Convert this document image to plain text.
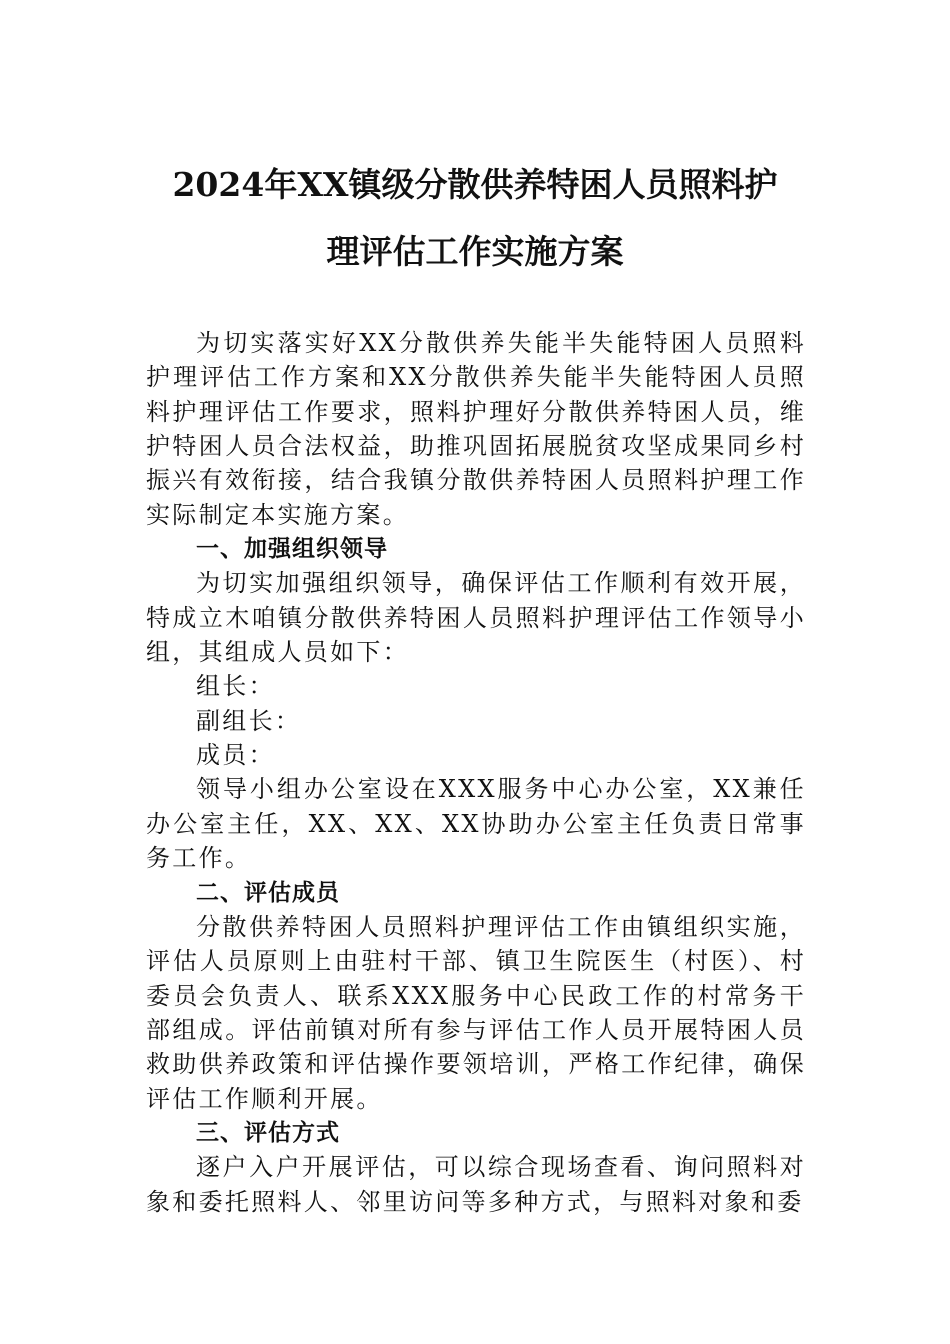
2024年XX镇级分散供养特困人员照料护
理评估工作实施方案

为切实落实好XX分散供养失能半失能特困人员照料护理评估工作方案和XX分散供养失能半失能特困人员照料护理评估工作要求，照料护理好分散供养特困人员，维护特困人员合法权益，助推巩固拓展脱贫攻坚成果同乡村振兴有效衔接，结合我镇分散供养特困人员照料护理工作实际制定本实施方案。

一、加强组织领导

为切实加强组织领导，确保评估工作顺利有效开展，特成立木咱镇分散供养特困人员照料护理评估工作领导小组，其组成人员如下：

组长：

副组长：

成员：

领导小组办公室设在XXX服务中心办公室，XX兼任办公室主任，XX、XX、XX协助办公室主任负责日常事务工作。

二、评估成员

分散供养特困人员照料护理评估工作由镇组织实施，评估人员原则上由驻村干部、镇卫生院医生（村医）、村委员会负责人、联系XXX服务中心民政工作的村常务干部组成。评估前镇对所有参与评估工作人员开展特困人员救助供养政策和评估操作要领培训，严格工作纪律，确保评估工作顺利开展。

三、评估方式

逐户入户开展评估，可以综合现场查看、询问照料对象和委托照料人、邻里访问等多种方式，与照料对象和委
